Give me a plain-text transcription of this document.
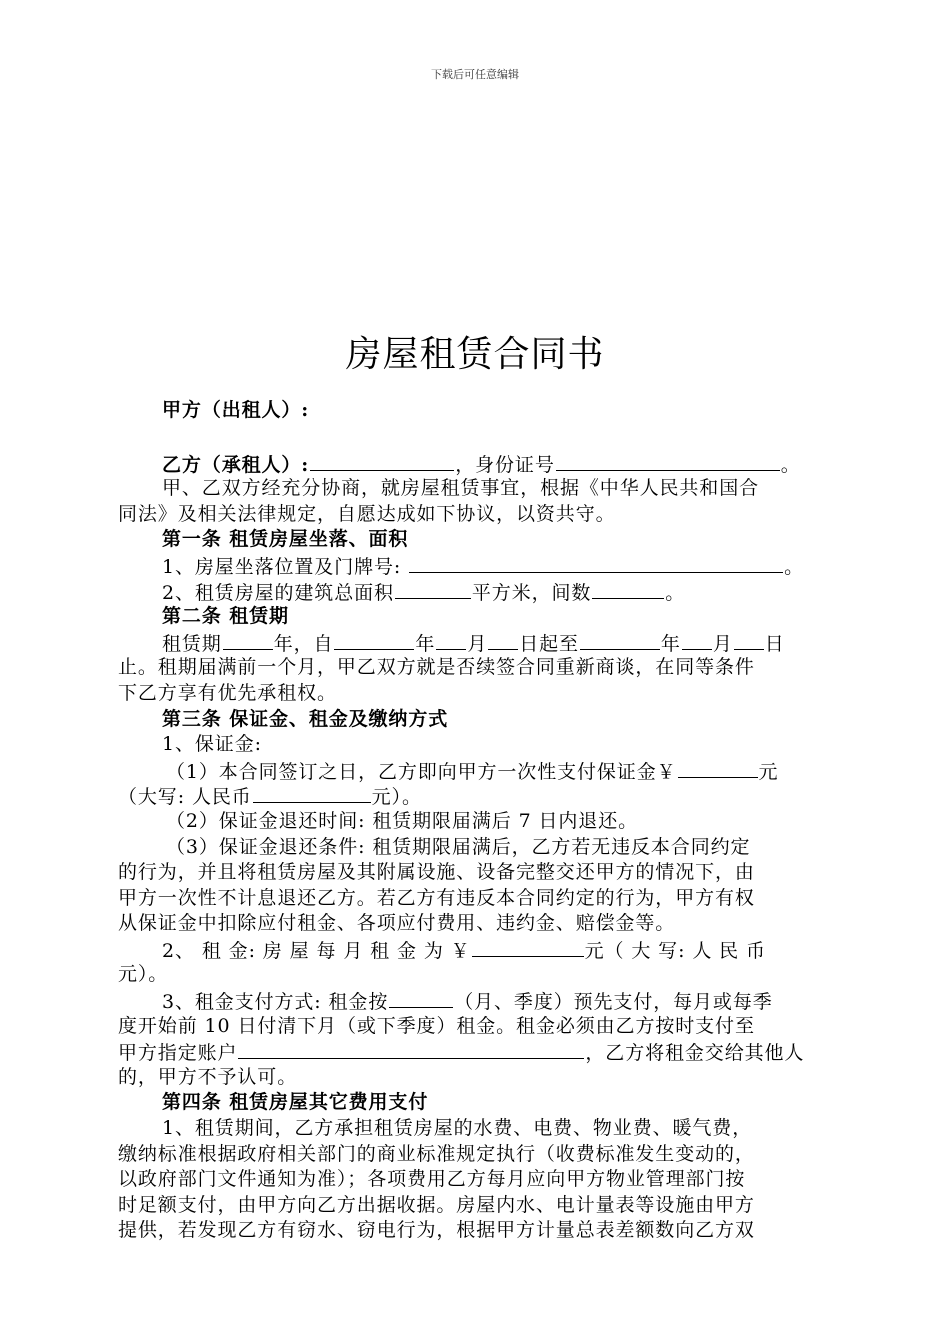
下载后可任意编辑
房屋租赁合同书
甲方（出租人）:
乙方（承租人）:	，身份证号	。
甲、乙双方经充分协商，就房屋租赁事宜，根据《中华人民共和国合
同法》及相关法律规定，自愿达成如下协议，以资共守。
第一条 租赁房屋坐落、面积
1、房屋坐落位置及门牌号:	。
2、租赁房屋的建筑总面积	平方米，间数	。
第二条 租赁期
租赁期	年，自	年 月 日起至	年 月 日
止。租期届满前一个月，甲乙双方就是否续签合同重新商谈，在同等条件
下乙方享有优先承租权。
第三条 保证金、租金及缴纳方式
1、保证金:
（1）本合同签订之日，乙方即向甲方一次性支付保证金￥	元
（大写: 人民币	元）。
（2）保证金退还时间: 租赁期限届满后 7 日内退还。
（3）保证金退还条件: 租赁期限届满后，乙方若无违反本合同约定
的行为，并且将租赁房屋及其附属设施、设备完整交还甲方的情况下，由
甲方一次性不计息退还乙方。若乙方有违反本合同约定的行为，甲方有权
从保证金中扣除应付租金、各项应付费用、违约金、赔偿金等。
2、 租 金: 房 屋 每 月 租 金 为 ￥	元（ 大 写: 人 民 币
元）。
3、租金支付方式: 租金按	（月、季度）预先支付，每月或每季
度开始前 10 日付清下月（或下季度）租金。租金必须由乙方按时支付至
甲方指定账户	，乙方将租金交给其他人
的，甲方不予认可。
第四条 租赁房屋其它费用支付
1、租赁期间，乙方承担租赁房屋的水费、电费、物业费、暖气费，
缴纳标准根据政府相关部门的商业标准规定执行（收费标准发生变动的，
以政府部门文件通知为准）；各项费用乙方每月应向甲方物业管理部门按
时足额支付，由甲方向乙方出据收据。房屋内水、电计量表等设施由甲方
提供，若发现乙方有窃水、窃电行为，根据甲方计量总表差额数向乙方双
